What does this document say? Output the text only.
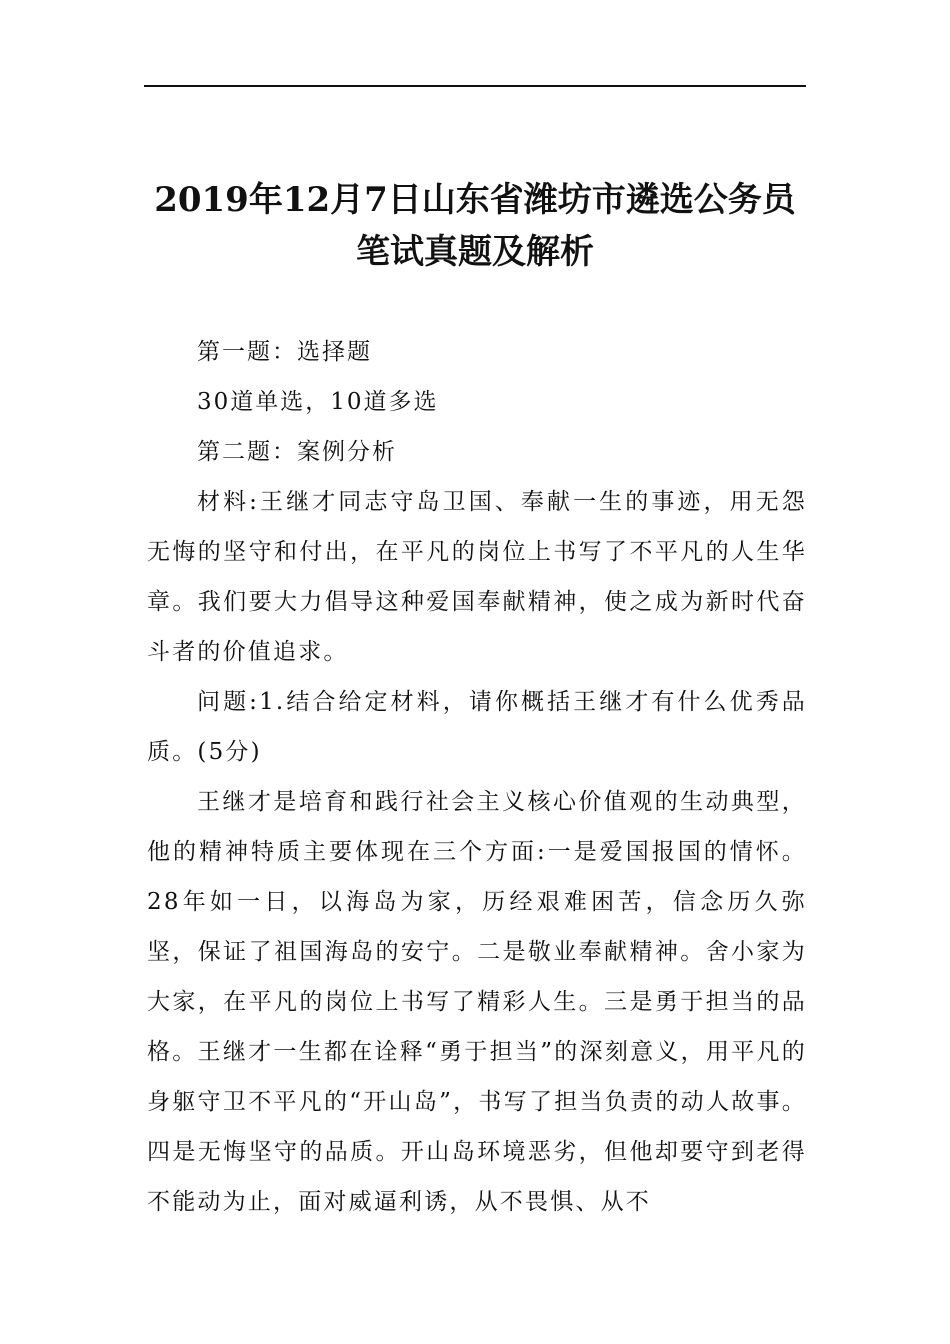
2019年12月7日山东省潍坊市遴选公务员
笔试真题及解析

第一题：选择题

30道单选，10道多选

第二题：案例分析

材料:王继才同志守岛卫国、奉献一生的事迹，用无怨无悔的坚守和付出，在平凡的岗位上书写了不平凡的人生华章。我们要大力倡导这种爱国奉献精神，使之成为新时代奋斗者的价值追求。

问题:1.结合给定材料，请你概括王继才有什么优秀品质。(5分)

王继才是培育和践行社会主义核心价值观的生动典型，他的精神特质主要体现在三个方面:一是爱国报国的情怀。28年如一日，以海岛为家，历经艰难困苦，信念历久弥坚，保证了祖国海岛的安宁。二是敬业奉献精神。舍小家为大家，在平凡的岗位上书写了精彩人生。三是勇于担当的品格。王继才一生都在诠释“勇于担当”的深刻意义，用平凡的身躯守卫不平凡的“开山岛”，书写了担当负责的动人故事。四是无悔坚守的品质。开山岛环境恶劣，但他却要守到老得不能动为止，面对威逼利诱，从不畏惧、从不
